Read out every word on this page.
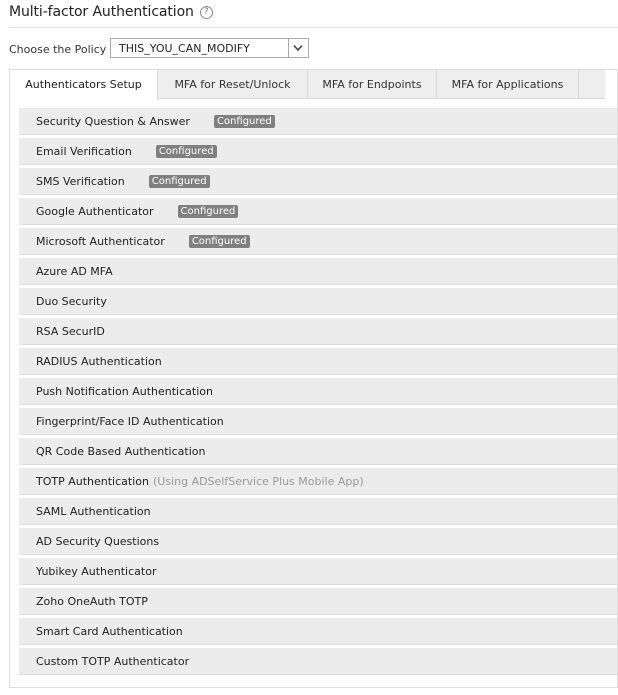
Multi-factor Authentication	?
Choose the Policy THIS_YOU_CAN_MODIFY
Authenticators Setup	MFA for Reset/Unlock	MFA for Endpoints	MFA for Applications
Security Question & Answer	Configured
Email Verification	Configured
SMS Verification	Configured
Google Authenticator	Configured
Microsoft Authenticator	Configured
Azure AD MFA
Duo Security
RSA SecurID
RADIUS Authentication
Push Notification Authentication
Fingerprint/Face ID Authentication
QR Code Based Authentication
TOTP Authentication (Using ADSelfService Plus Mobile App)
SAML Authentication
AD Security Questions
Yubikey Authenticator
Zoho OneAuth TOTP
Smart Card Authentication
Custom TOTP Authenticator
